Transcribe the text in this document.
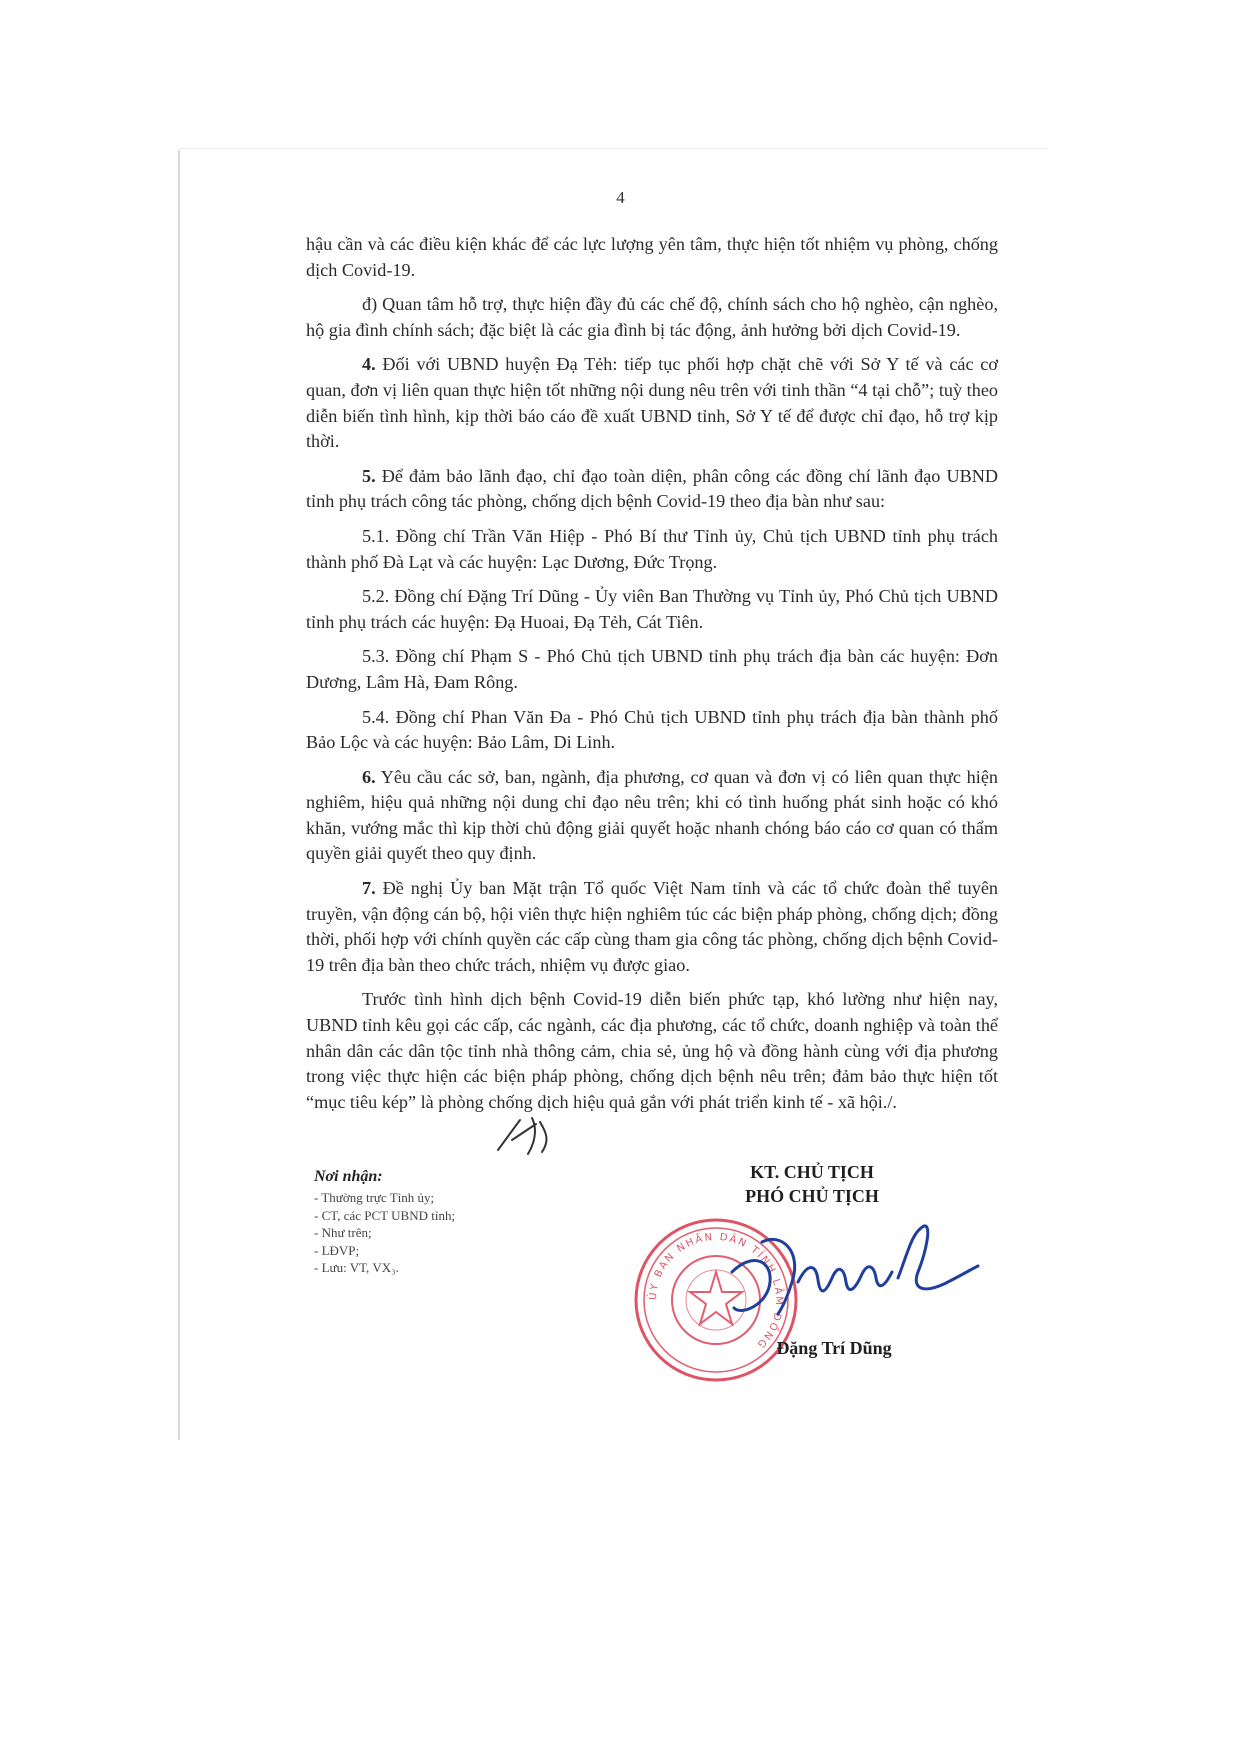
4

hậu cần và các điều kiện khác để các lực lượng yên tâm, thực hiện tốt nhiệm vụ phòng, chống dịch Covid-19.

đ) Quan tâm hỗ trợ, thực hiện đầy đủ các chế độ, chính sách cho hộ nghèo, cận nghèo, hộ gia đình chính sách; đặc biệt là các gia đình bị tác động, ảnh hưởng bởi dịch Covid-19.

4. Đối với UBND huyện Đạ Tẻh: tiếp tục phối hợp chặt chẽ với Sở Y tế và các cơ quan, đơn vị liên quan thực hiện tốt những nội dung nêu trên với tinh thần “4 tại chỗ”; tuỳ theo diễn biến tình hình, kịp thời báo cáo đề xuất UBND tỉnh, Sở Y tế để được chỉ đạo, hỗ trợ kịp thời.

5. Để đảm bảo lãnh đạo, chỉ đạo toàn diện, phân công các đồng chí lãnh đạo UBND tỉnh phụ trách công tác phòng, chống dịch bệnh Covid-19 theo địa bàn như sau:

5.1. Đồng chí Trần Văn Hiệp - Phó Bí thư Tỉnh ủy, Chủ tịch UBND tỉnh phụ trách thành phố Đà Lạt và các huyện: Lạc Dương, Đức Trọng.

5.2. Đồng chí Đặng Trí Dũng - Ủy viên Ban Thường vụ Tỉnh ủy, Phó Chủ tịch UBND tỉnh phụ trách các huyện: Đạ Huoai, Đạ Tẻh, Cát Tiên.

5.3. Đồng chí Phạm S - Phó Chủ tịch UBND tỉnh phụ trách địa bàn các huyện: Đơn Dương, Lâm Hà, Đam Rông.

5.4. Đồng chí Phan Văn Đa - Phó Chủ tịch UBND tỉnh phụ trách địa bàn thành phố Bảo Lộc và các huyện: Bảo Lâm, Di Linh.

6. Yêu cầu các sở, ban, ngành, địa phương, cơ quan và đơn vị có liên quan thực hiện nghiêm, hiệu quả những nội dung chỉ đạo nêu trên; khi có tình huống phát sinh hoặc có khó khăn, vướng mắc thì kịp thời chủ động giải quyết hoặc nhanh chóng báo cáo cơ quan có thẩm quyền giải quyết theo quy định.

7. Đề nghị Ủy ban Mặt trận Tổ quốc Việt Nam tỉnh và các tổ chức đoàn thể tuyên truyền, vận động cán bộ, hội viên thực hiện nghiêm túc các biện pháp phòng, chống dịch; đồng thời, phối hợp với chính quyền các cấp cùng tham gia công tác phòng, chống dịch bệnh Covid-19 trên địa bàn theo chức trách, nhiệm vụ được giao.

Trước tình hình dịch bệnh Covid-19 diễn biến phức tạp, khó lường như hiện nay, UBND tỉnh kêu gọi các cấp, các ngành, các địa phương, các tổ chức, doanh nghiệp và toàn thể nhân dân các dân tộc tỉnh nhà thông cảm, chia sẻ, ủng hộ và đồng hành cùng với địa phương trong việc thực hiện các biện pháp phòng, chống dịch bệnh nêu trên; đảm bảo thực hiện tốt “mục tiêu kép” là phòng chống dịch hiệu quả gắn với phát triển kinh tế - xã hội./.

Nơi nhận:
- Thường trực Tỉnh ủy;
- CT, các PCT UBND tỉnh;
- Như trên;
- LĐVP;
- Lưu: VT, VX₃.
KT. CHỦ TỊCH
PHÓ CHỦ TỊCH
ỦY BAN NHÂN DÂN TỈNH LÂM ĐỒNG Đặng Trí Dũng
